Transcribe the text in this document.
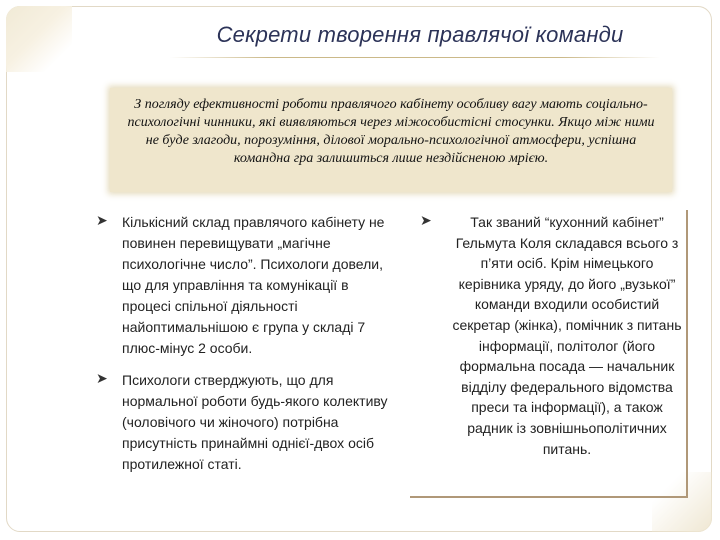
Секрети творення правлячої команди

З погляду ефективності роботи правлячого кабінету особливу вагу мають соціально-психологічні чинники, які виявляються через міжособистісні стосунки. Якщо між ними не буде злагоди, порозуміння, ділової морально-психологічної атмосфери, успішна командна гра залишиться лише нездійсненою мрією.

➤ Кількісний склад правлячого кабінету не повинен перевищувати „магічне психологічне число”. Психологи довели, що для управління та комунікації в процесі спільної діяльності найоптимальнішою є група у складі 7 плюс-мінус 2 особи.

➤ Психологи стверджують, що для нормальної роботи будь-якого колективу (чоловічого чи жіночого) потрібна присутність принаймні однієї-двох осіб протилежної статі.

➤	Так званий “кухонний кабінет” Гельмута Коля складався всього з п’яти осіб. Крім німецького керівника уряду, до його „вузької” команди входили особистий секретар (жінка), помічник з питань інформації, політолог (його формальна посада — начальник відділу федерального відомства преси та інформації), а також радник із зовнішньополітичних питань.
